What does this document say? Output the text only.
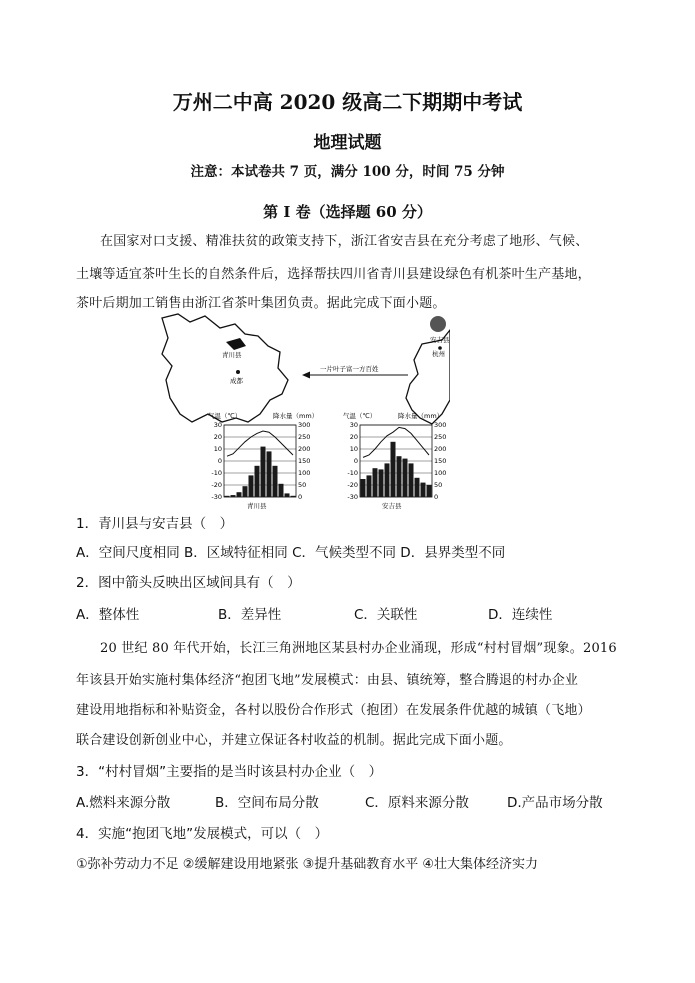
万州二中高 2020 级高二下期期中考试
地理试题
注意：本试卷共 7 页，满分 100 分，时间 75 分钟
第 I 卷（选择题 60 分）
在国家对口支援、精准扶贫的政策支持下，浙江省安吉县在充分考虑了地形、气候、
土壤等适宜茶叶生长的自然条件后，选择帮扶四川省青川县建设绿色有机茶叶生产基地，
茶叶后期加工销售由浙江省茶叶集团负责。据此完成下面小题。
青川县
成都
一片叶子富一方百姓
安吉县
杭州
气温（℃）	降水量（mm）
30
20
10
0
-10
-20
-30
300
250
200
150
100
50
0
青川县
气温（℃）	降水量（mm）
30
20
10
0
-10
-20
-30
300
250
200
150
100
50
0
安吉县
1．青川县与安吉县（　）
A．空间尺度相同 B．区域特征相同 C．气候类型不同 D．县界类型不同
2．图中箭头反映出区域间具有（　）
A．整体性	B．差异性	C．关联性	D．连续性
20 世纪 80 年代开始，长江三角洲地区某县村办企业涌现，形成“村村冒烟”现象。2016
年该县开始实施村集体经济“抱团飞地”发展模式：由县、镇统筹，整合腾退的村办企业
建设用地指标和补贴资金，各村以股份合作形式（抱团）在发展条件优越的城镇（飞地）
联合建设创新创业中心，并建立保证各村收益的机制。据此完成下面小题。
3．“村村冒烟”主要指的是当时该县村办企业（　）
A.燃料来源分散	B．空间布局分散	C．原料来源分散	D.产品市场分散
4．实施“抱团飞地”发展模式，可以（　）
①弥补劳动力不足 ②缓解建设用地紧张 ③提升基础教育水平 ④壮大集体经济实力
